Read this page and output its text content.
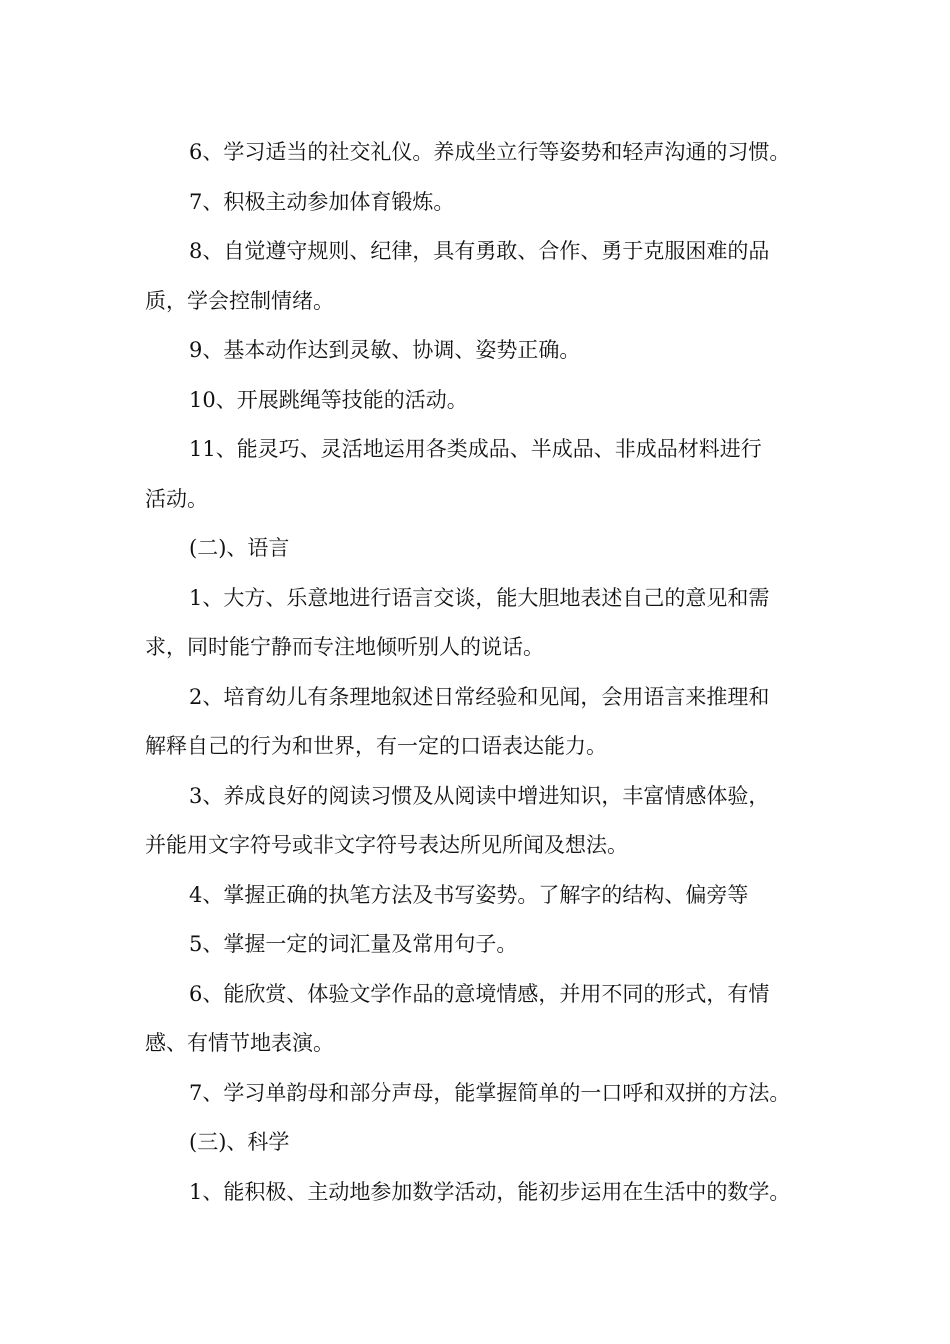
6、学习适当的社交礼仪。养成坐立行等姿势和轻声沟通的习惯。

7、积极主动参加体育锻炼。

8、自觉遵守规则、纪律，具有勇敢、合作、勇于克服困难的品
质，学会控制情绪。

9、基本动作达到灵敏、协调、姿势正确。

10、开展跳绳等技能的活动。

11、能灵巧、灵活地运用各类成品、半成品、非成品材料进行
活动。

(二)、语言

1、大方、乐意地进行语言交谈，能大胆地表述自己的意见和需
求，同时能宁静而专注地倾听别人的说话。

2、培育幼儿有条理地叙述日常经验和见闻，会用语言来推理和
解释自己的行为和世界，有一定的口语表达能力。

3、养成良好的阅读习惯及从阅读中增进知识，丰富情感体验，
并能用文字符号或非文字符号表达所见所闻及想法。

4、掌握正确的执笔方法及书写姿势。了解字的结构、偏旁等

5、掌握一定的词汇量及常用句子。

6、能欣赏、体验文学作品的意境情感，并用不同的形式，有情
感、有情节地表演。

7、学习单韵母和部分声母，能掌握简单的一口呼和双拼的方法。

(三)、科学

1、能积极、主动地参加数学活动，能初步运用在生活中的数学。
